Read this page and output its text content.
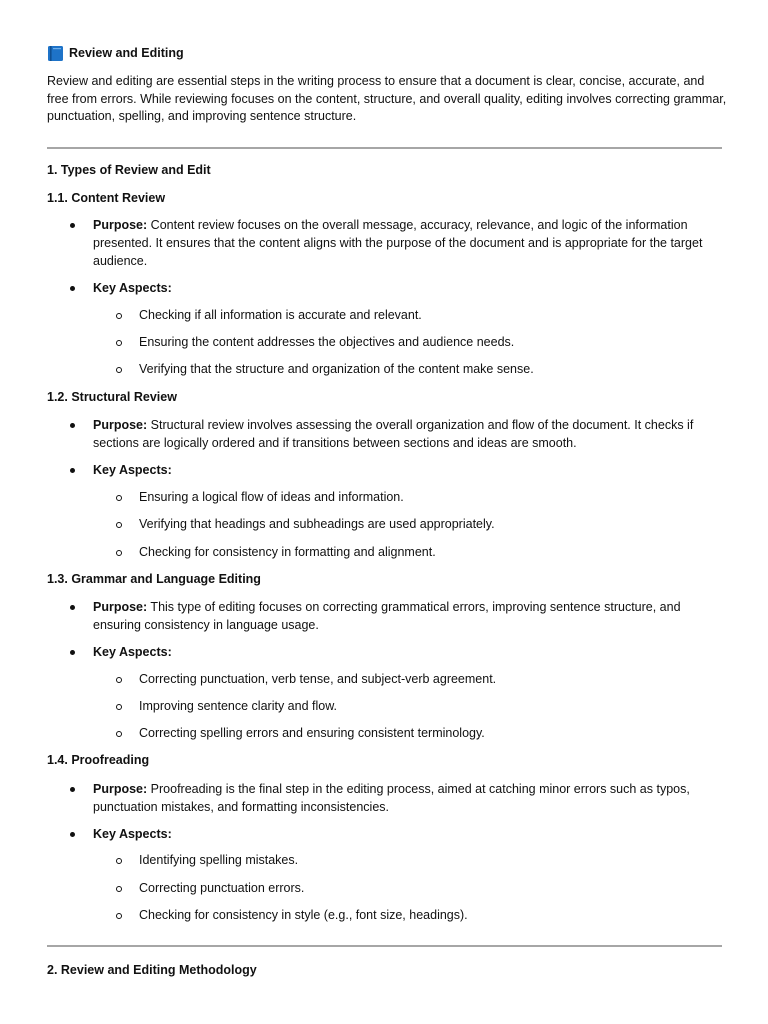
Review and Editing

Review and editing are essential steps in the writing process to ensure that a document is clear, concise, accurate, and free from errors. While reviewing focuses on the content, structure, and overall quality, editing involves correcting grammar, punctuation, spelling, and improving sentence structure.

1. Types of Review and Edit

1.1. Content Review

Purpose: Content review focuses on the overall message, accuracy, relevance, and logic of the information presented. It ensures that the content aligns with the purpose of the document and is appropriate for the target audience.

Key Aspects:

Checking if all information is accurate and relevant.

Ensuring the content addresses the objectives and audience needs.

Verifying that the structure and organization of the content make sense.

1.2. Structural Review

Purpose: Structural review involves assessing the overall organization and flow of the document. It checks if sections are logically ordered and if transitions between sections and ideas are smooth.

Key Aspects:

Ensuring a logical flow of ideas and information.

Verifying that headings and subheadings are used appropriately.

Checking for consistency in formatting and alignment.

1.3. Grammar and Language Editing

Purpose: This type of editing focuses on correcting grammatical errors, improving sentence structure, and ensuring consistency in language usage.

Key Aspects:

Correcting punctuation, verb tense, and subject-verb agreement.

Improving sentence clarity and flow.

Correcting spelling errors and ensuring consistent terminology.

1.4. Proofreading

Purpose: Proofreading is the final step in the editing process, aimed at catching minor errors such as typos, punctuation mistakes, and formatting inconsistencies.

Key Aspects:

Identifying spelling mistakes.

Correcting punctuation errors.

Checking for consistency in style (e.g., font size, headings).

2. Review and Editing Methodology
